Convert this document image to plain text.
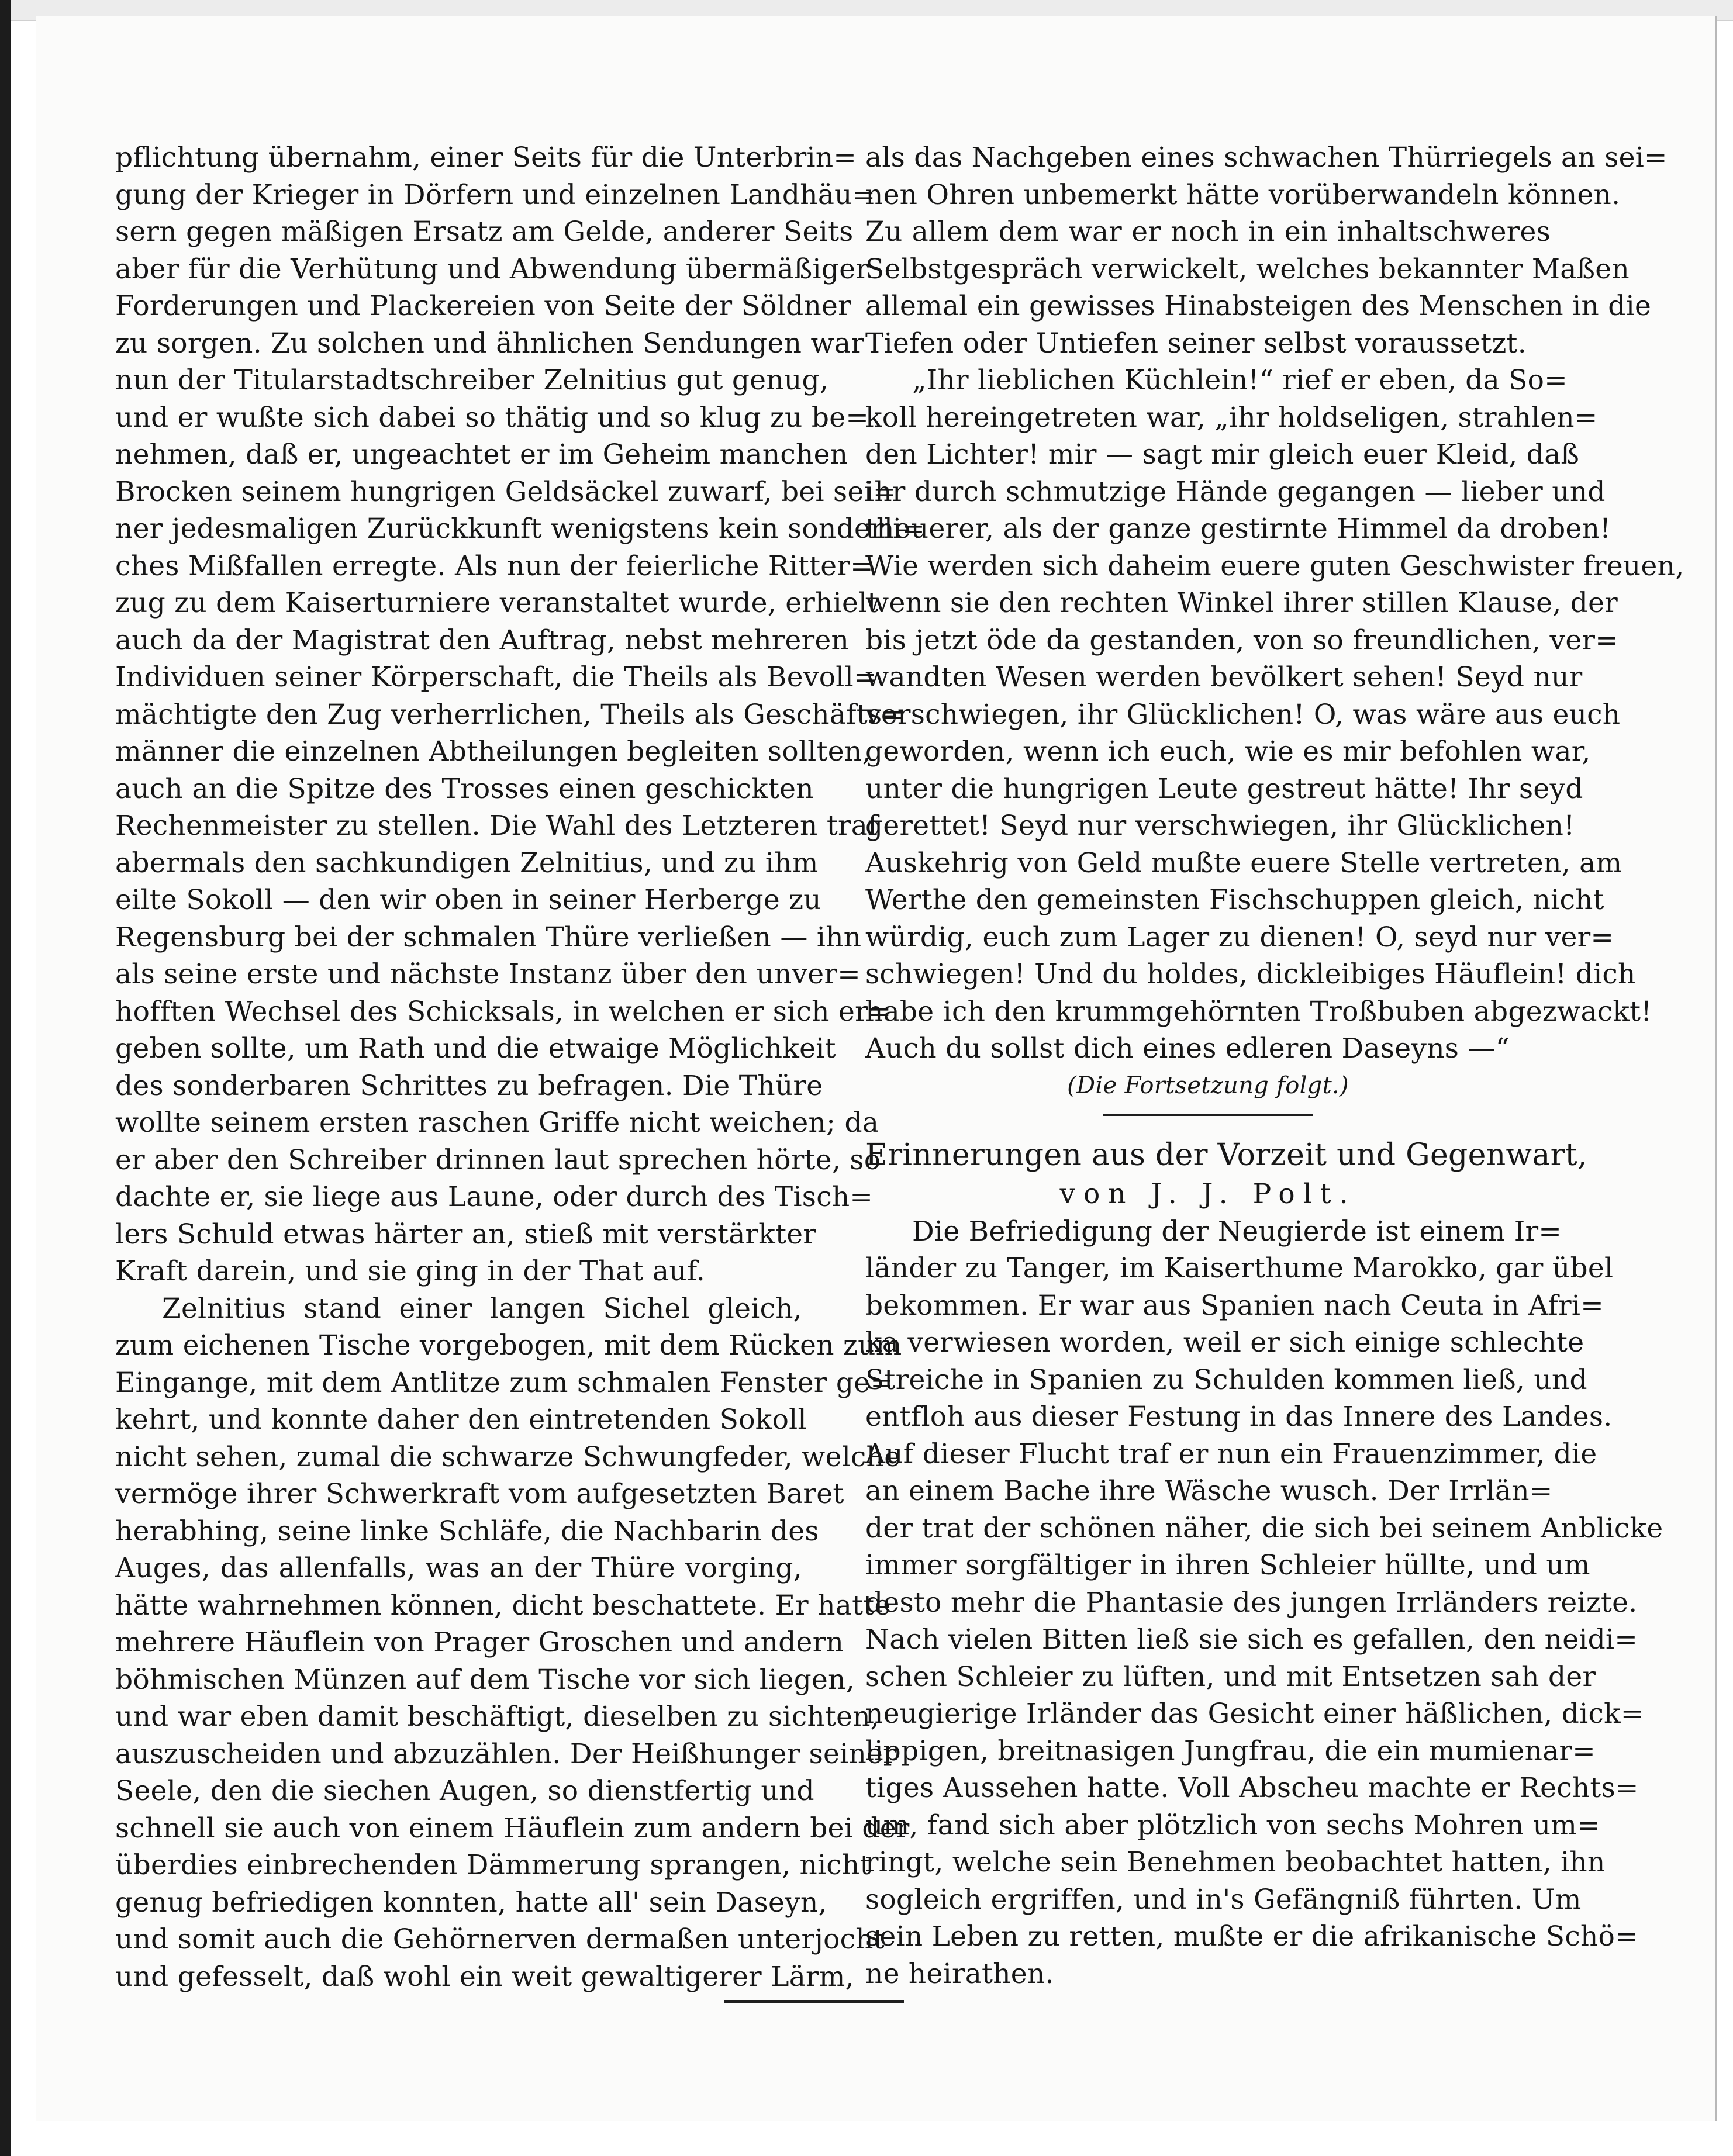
pflichtung übernahm, einer Seits für die Unterbrin=
gung der Krieger in Dörfern und einzelnen Landhäu=
sern gegen mäßigen Ersatz am Gelde, anderer Seits
aber für die Verhütung und Abwendung übermäßiger
Forderungen und Plackereien von Seite der Söldner
zu sorgen. Zu solchen und ähnlichen Sendungen war
nun der Titularstadtschreiber Zelnitius gut genug,
und er wußte sich dabei so thätig und so klug zu be=
nehmen, daß er, ungeachtet er im Geheim manchen
Brocken seinem hungrigen Geldsäckel zuwarf, bei sei=
ner jedesmaligen Zurückkunft wenigstens kein sonderli=
ches Mißfallen erregte. Als nun der feierliche Ritter=
zug zu dem Kaiserturniere veranstaltet wurde, erhielt
auch da der Magistrat den Auftrag, nebst mehreren
Individuen seiner Körperschaft, die Theils als Bevoll=
mächtigte den Zug verherrlichen, Theils als Geschäfts=
männer die einzelnen Abtheilungen begleiten sollten,
auch an die Spitze des Trosses einen geschickten
Rechenmeister zu stellen. Die Wahl des Letzteren traf
abermals den sachkundigen Zelnitius, und zu ihm
eilte Sokoll — den wir oben in seiner Herberge zu
Regensburg bei der schmalen Thüre verließen — ihn
als seine erste und nächste Instanz über den unver=
hofften Wechsel des Schicksals, in welchen er sich er=
geben sollte, um Rath und die etwaige Möglichkeit
des sonderbaren Schrittes zu befragen. Die Thüre
wollte seinem ersten raschen Griffe nicht weichen; da
er aber den Schreiber drinnen laut sprechen hörte, so
dachte er, sie liege aus Laune, oder durch des Tisch=
lers Schuld etwas härter an, stieß mit verstärkter
Kraft darein, und sie ging in der That auf.
Zelnitius stand einer langen Sichel gleich,
zum eichenen Tische vorgebogen, mit dem Rücken zum
Eingange, mit dem Antlitze zum schmalen Fenster ge=
kehrt, und konnte daher den eintretenden Sokoll
nicht sehen, zumal die schwarze Schwungfeder, welche
vermöge ihrer Schwerkraft vom aufgesetzten Baret
herabhing, seine linke Schläfe, die Nachbarin des
Auges, das allenfalls, was an der Thüre vorging,
hätte wahrnehmen können, dicht beschattete. Er hatte
mehrere Häuflein von Prager Groschen und andern
böhmischen Münzen auf dem Tische vor sich liegen,
und war eben damit beschäftigt, dieselben zu sichten,
auszuscheiden und abzuzählen. Der Heißhunger seiner
Seele, den die siechen Augen, so dienstfertig und
schnell sie auch von einem Häuflein zum andern bei der
überdies einbrechenden Dämmerung sprangen, nicht
genug befriedigen konnten, hatte all' sein Daseyn,
und somit auch die Gehörnerven dermaßen unterjocht
und gefesselt, daß wohl ein weit gewaltigerer Lärm,
als das Nachgeben eines schwachen Thürriegels an sei=
nen Ohren unbemerkt hätte vorüberwandeln können.
Zu allem dem war er noch in ein inhaltschweres
Selbstgespräch verwickelt, welches bekannter Maßen
allemal ein gewisses Hinabsteigen des Menschen in die
Tiefen oder Untiefen seiner selbst voraussetzt.
„Ihr lieblichen Küchlein!“ rief er eben, da So=
koll hereingetreten war, „ihr holdseligen, strahlen=
den Lichter! mir — sagt mir gleich euer Kleid, daß
ihr durch schmutzige Hände gegangen — lieber und
theuerer, als der ganze gestirnte Himmel da droben!
Wie werden sich daheim euere guten Geschwister freuen,
wenn sie den rechten Winkel ihrer stillen Klause, der
bis jetzt öde da gestanden, von so freundlichen, ver=
wandten Wesen werden bevölkert sehen! Seyd nur
verschwiegen, ihr Glücklichen! O, was wäre aus euch
geworden, wenn ich euch, wie es mir befohlen war,
unter die hungrigen Leute gestreut hätte! Ihr seyd
gerettet! Seyd nur verschwiegen, ihr Glücklichen!
Auskehrig von Geld mußte euere Stelle vertreten, am
Werthe den gemeinsten Fischschuppen gleich, nicht
würdig, euch zum Lager zu dienen! O, seyd nur ver=
schwiegen! Und du holdes, dickleibiges Häuflein! dich
habe ich den krummgehörnten Troßbuben abgezwackt!
Auch du sollst dich eines edleren Daseyns —“
(Die Fortsetzung folgt.)
Erinnerungen aus der Vorzeit und Gegenwart,
von J. J. Polt.
Die Befriedigung der Neugierde ist einem Ir=
länder zu Tanger, im Kaiserthume Marokko, gar übel
bekommen. Er war aus Spanien nach Ceuta in Afri=
ka verwiesen worden, weil er sich einige schlechte
Streiche in Spanien zu Schulden kommen ließ, und
entfloh aus dieser Festung in das Innere des Landes.
Auf dieser Flucht traf er nun ein Frauenzimmer, die
an einem Bache ihre Wäsche wusch. Der Irrlän=
der trat der schönen näher, die sich bei seinem Anblicke
immer sorgfältiger in ihren Schleier hüllte, und um
desto mehr die Phantasie des jungen Irrländers reizte.
Nach vielen Bitten ließ sie sich es gefallen, den neidi=
schen Schleier zu lüften, und mit Entsetzen sah der
neugierige Irländer das Gesicht einer häßlichen, dick=
lippigen, breitnasigen Jungfrau, die ein mumienar=
tiges Aussehen hatte. Voll Abscheu machte er Rechts=
um, fand sich aber plötzlich von sechs Mohren um=
ringt, welche sein Benehmen beobachtet hatten, ihn
sogleich ergriffen, und in's Gefängniß führten. Um
sein Leben zu retten, mußte er die afrikanische Schö=
ne heirathen.
